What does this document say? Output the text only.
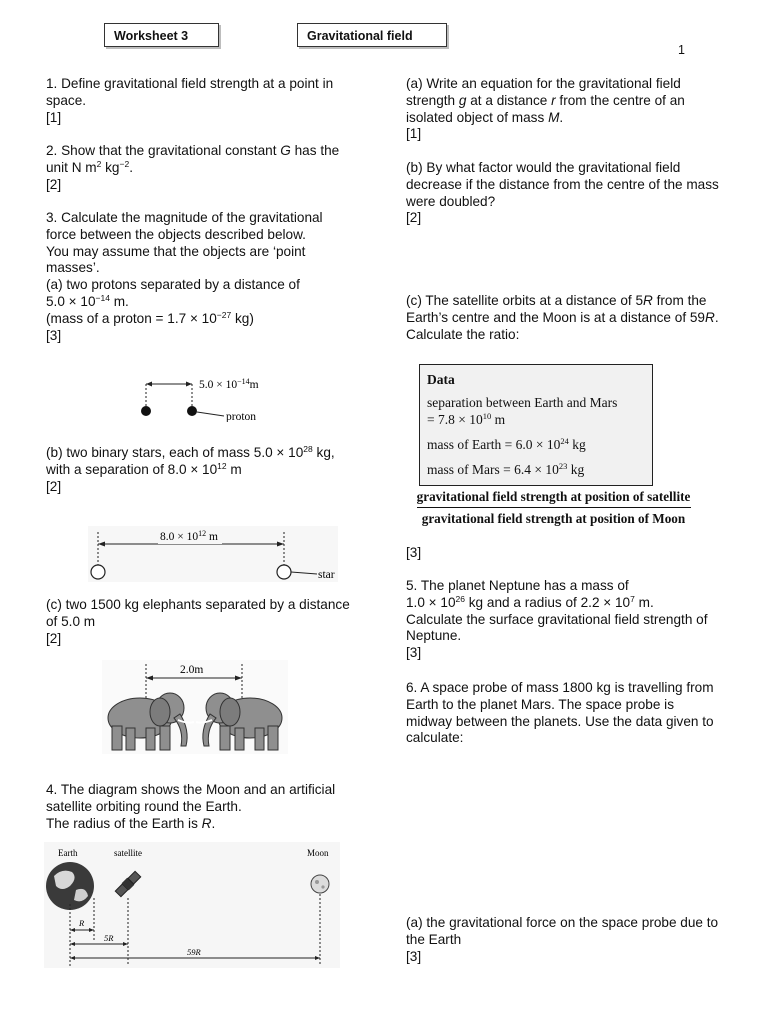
Worksheet 3	Gravitational field
1

1. Define gravitational field strength at a point in space.

[1]

2. Show that the gravitational constant G has the unit N $m^2$ $kg^{-2}$.

[2]

3. Calculate the magnitude of the gravitational force between the objects described below.

You may assume that the objects are ‘point masses’.

(a) two protons separated by a distance of

$5.0 \times 10^{-14}$ m.

(mass of a proton = $1.7 \times 10^{-27}$ kg)

[3]

$5.0 \times 10^{-14}m$
proton

(b) two binary stars, each of mass $5.0 \times 10^{28}$ kg,

with a separation of $8.0 \times 10^{12}$ m

[2]

$8.0 \times 10^{12}$ m
star

(c) two 1500 kg elephants separated by a distance of 5.0 m

[2]

2.0m

4. The diagram shows the Moon and an artificial satellite orbiting round the Earth.

The radius of the Earth is R.

Earth	satellite	Moon
R
5R
59R

(a) Write an equation for the gravitational field strength g at a distance r from the centre of an isolated object of mass M.

[1]

(b) By what factor would the gravitational field decrease if the distance from the centre of the mass were doubled?

[2]

(c) The satellite orbits at a distance of 5R from the Earth’s centre and the Moon is at a distance of 59R. Calculate the ratio:

Data
separation between Earth and Mars
= $7.8 \times 10^{10}$ m
mass of Earth = $6.0 \times 10^{24}$ kg
mass of Mars = $6.4 \times 10^{23}$ kg
gravitational field strength at position of satellite
gravitational field strength at position of Moon
[3]

5. The planet Neptune has a mass of

$1.0 \times 10^{26}$ kg and a radius of $2.2 \times 10^7$ m.

Calculate the surface gravitational field strength of Neptune.

[3]

6. A space probe of mass 1800 kg is travelling from Earth to the planet Mars. The space probe is midway between the planets. Use the data given to calculate:

(a) the gravitational force on the space probe due to the Earth

[3]
